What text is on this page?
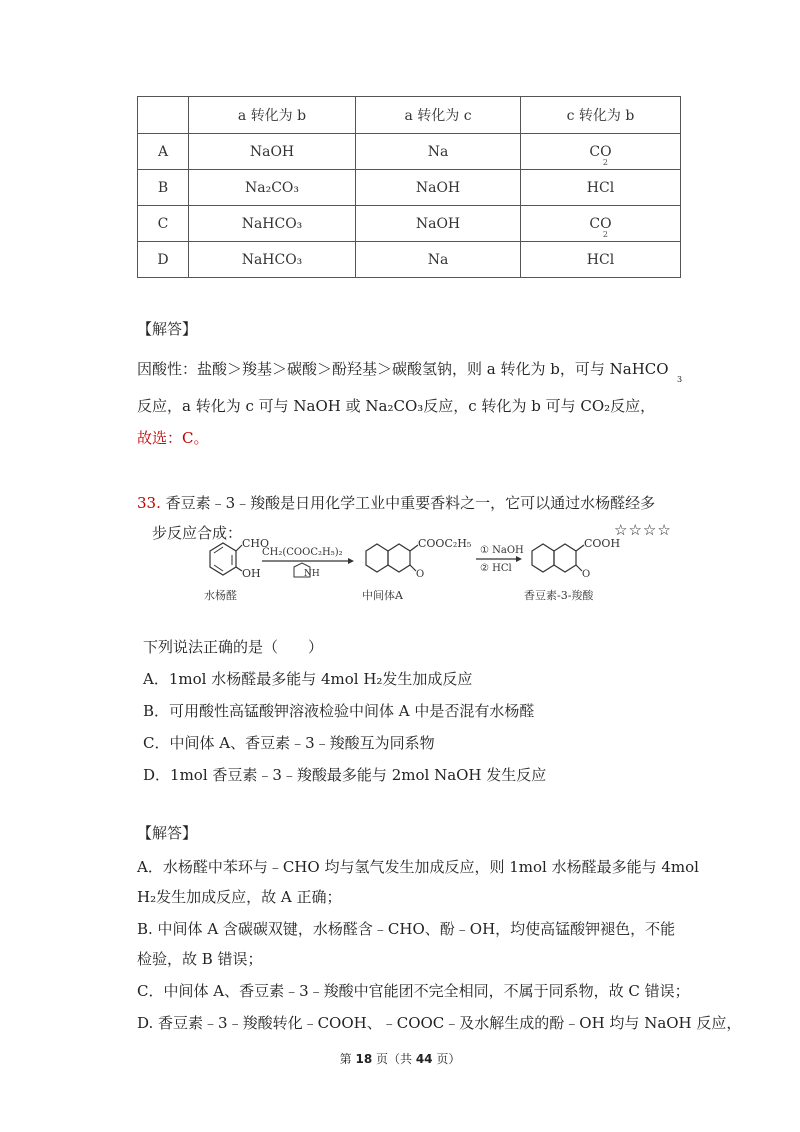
	a 转化为 b	a 转化为 c	c 转化为 b
A	NaOH	Na	CO
2

B	Na₂CO₃	NaOH	HCl
C	NaHCO₃	NaOH	CO
2

D	NaHCO₃	Na	HCl
【解答】
因酸性：盐酸＞羧基＞碳酸＞酚羟基＞碳酸氢钠，则 a 转化为 b，可与 NaHCO
3
反应，a 转化为 c 可与 NaOH 或 Na₂CO₃反应，c 转化为 b 可与 CO₂反应，
故选：C。
33. 香豆素﹣3﹣羧酸是日用化学工业中重要香料之一，它可以通过水杨醛经多
步反应合成：	☆☆☆☆
CHO
OH
水杨醛
CH₂(COOC₂H₅)₂
NH
COOC₂H₅
O
中间体A
① NaOH
② HCl
COOH
O
香豆素-3-羧酸
下列说法正确的是（　　）
A．1mol 水杨醛最多能与 4mol H₂发生加成反应
B．可用酸性高锰酸钾溶液检验中间体 A 中是否混有水杨醛
C．中间体 A、香豆素﹣3﹣羧酸互为同系物
D．1mol 香豆素﹣3﹣羧酸最多能与 2mol NaOH 发生反应
【解答】
A．水杨醛中苯环与﹣CHO 均与氢气发生加成反应，则 1mol 水杨醛最多能与 4mol
H₂发生加成反应，故 A 正确；
B. 中间体 A 含碳碳双键，水杨醛含﹣CHO、酚﹣OH，均使高锰酸钾褪色，不能
检验，故 B 错误；
C．中间体 A、香豆素﹣3﹣羧酸中官能团不完全相同，不属于同系物，故 C 错误；
D. 香豆素﹣3﹣羧酸转化﹣COOH、﹣COOC﹣及水解生成的酚﹣OH 均与 NaOH 反应，
第 18 页（共 44 页）
